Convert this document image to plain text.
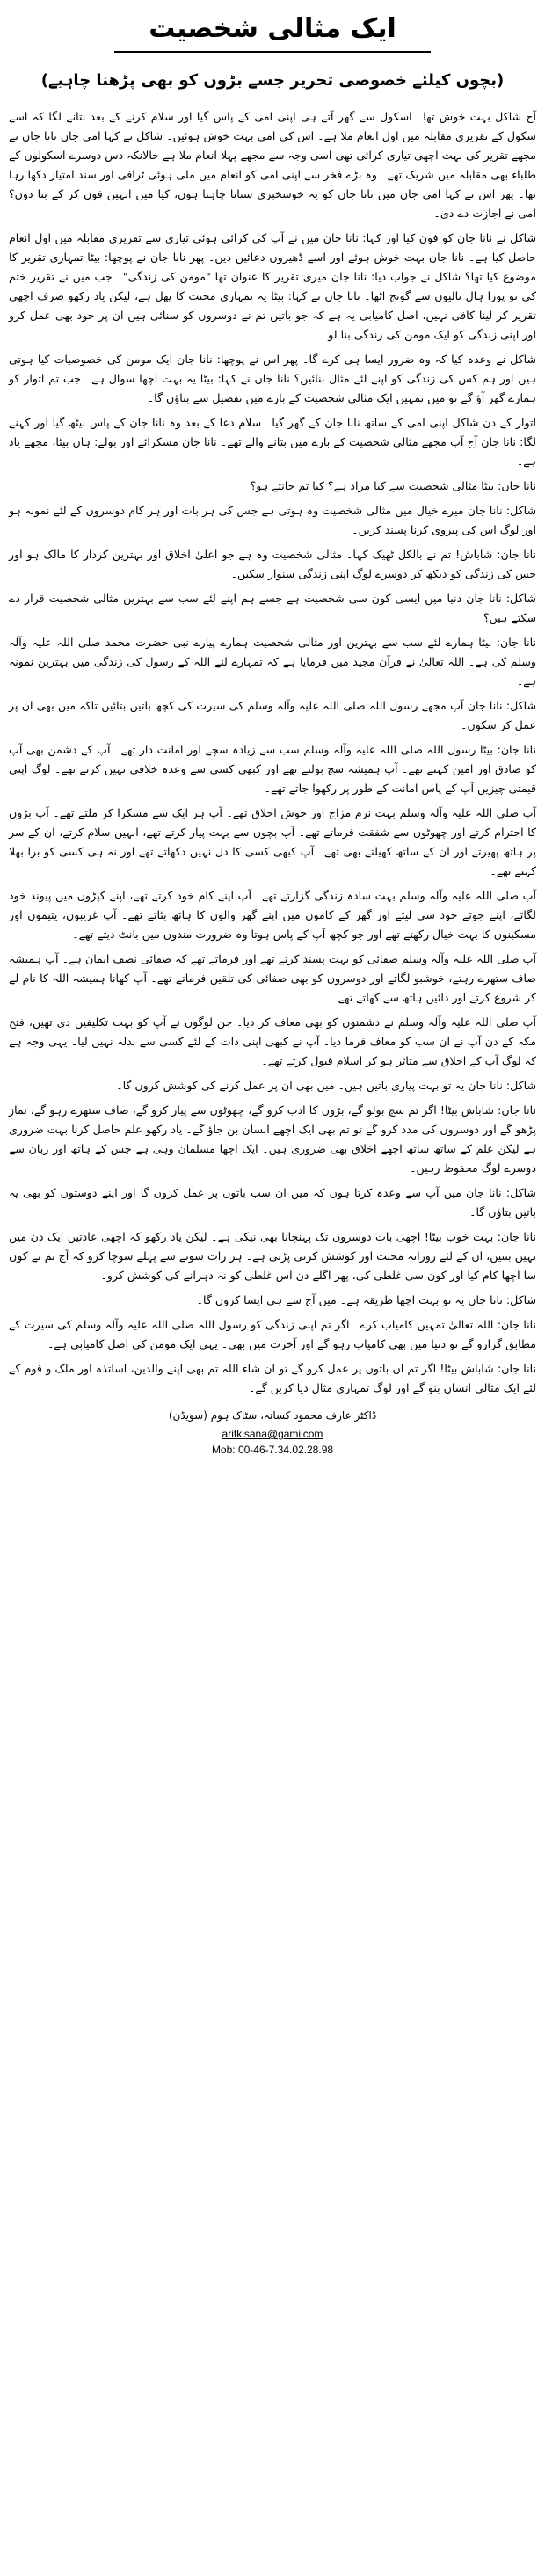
ایک مثالی شخصیت
(بچوں کیلئے خصوصی تحریر جسے بڑوں کو بھی پڑھنا چاہیے)

آج شاکل بہت خوش تھا۔ اسکول سے گھر آتے ہی اپنی امی کے پاس گیا اور سلام کرنے کے بعد بتانے لگا کہ اسے سکول کے تقریری مقابلہ میں اول انعام ملا ہے۔ اس کی امی بہت خوش ہوئیں۔ شاکل نے کہا امی جان نانا جان نے مجھے تقریر کی بہت اچھی تیاری کرائی تھی اسی وجہ سے مجھے پہلا انعام ملا ہے حالانکہ دس دوسرے اسکولوں کے طلباء بھی مقابلہ میں شریک تھے۔ وہ بڑے فخر سے اپنی امی کو انعام میں ملی ہوئی ٹرافی اور سند امتیاز دکھا رہا تھا۔ پھر اس نے کہا امی جان میں نانا جان کو یہ خوشخبری سنانا چاہتا ہوں، کیا میں انہیں فون کر کے بتا دوں؟ امی نے اجازت دے دی۔

شاکل نے نانا جان کو فون کیا اور کہا: نانا جان میں نے آپ کی کرائی ہوئی تیاری سے تقریری مقابلہ میں اول انعام حاصل کیا ہے۔ نانا جان بہت خوش ہوئے اور اسے ڈھیروں دعائیں دیں۔ پھر نانا جان نے پوچھا: بیٹا تمہاری تقریر کا موضوع کیا تھا؟ شاکل نے جواب دیا: نانا جان میری تقریر کا عنوان تھا "مومن کی زندگی"۔ جب میں نے تقریر ختم کی تو پورا ہال تالیوں سے گونج اٹھا۔ نانا جان نے کہا: بیٹا یہ تمہاری محنت کا پھل ہے، لیکن یاد رکھو صرف اچھی تقریر کر لینا کافی نہیں، اصل کامیابی یہ ہے کہ جو باتیں تم نے دوسروں کو سنائی ہیں ان پر خود بھی عمل کرو اور اپنی زندگی کو ایک مومن کی زندگی بنا لو۔

شاکل نے وعدہ کیا کہ وہ ضرور ایسا ہی کرے گا۔ پھر اس نے پوچھا: نانا جان ایک مومن کی خصوصیات کیا ہوتی ہیں اور ہم کس کی زندگی کو اپنے لئے مثال بنائیں؟ نانا جان نے کہا: بیٹا یہ بہت اچھا سوال ہے۔ جب تم اتوار کو ہمارے گھر آؤ گے تو میں تمہیں ایک مثالی شخصیت کے بارے میں تفصیل سے بتاؤں گا۔

اتوار کے دن شاکل اپنی امی کے ساتھ نانا جان کے گھر گیا۔ سلام دعا کے بعد وہ نانا جان کے پاس بیٹھ گیا اور کہنے لگا: نانا جان آج آپ مجھے مثالی شخصیت کے بارے میں بتانے والے تھے۔ نانا جان مسکرائے اور بولے: ہاں بیٹا، مجھے یاد ہے۔

نانا جان: بیٹا مثالی شخصیت سے کیا مراد ہے؟ کیا تم جانتے ہو؟

شاکل: نانا جان میرے خیال میں مثالی شخصیت وہ ہوتی ہے جس کی ہر بات اور ہر کام دوسروں کے لئے نمونہ ہو اور لوگ اس کی پیروی کرنا پسند کریں۔

نانا جان: شاباش! تم نے بالکل ٹھیک کہا۔ مثالی شخصیت وہ ہے جو اعلیٰ اخلاق اور بہترین کردار کا مالک ہو اور جس کی زندگی کو دیکھ کر دوسرے لوگ اپنی زندگی سنوار سکیں۔

شاکل: نانا جان دنیا میں ایسی کون سی شخصیت ہے جسے ہم اپنے لئے سب سے بہترین مثالی شخصیت قرار دے سکتے ہیں؟

نانا جان: بیٹا ہمارے لئے سب سے بہترین اور مثالی شخصیت ہمارے پیارے نبی حضرت محمد صلی اللہ علیہ وآلہ وسلم کی ہے۔ اللہ تعالیٰ نے قرآن مجید میں فرمایا ہے کہ تمہارے لئے اللہ کے رسول کی زندگی میں بہترین نمونہ ہے۔

شاکل: نانا جان آپ مجھے رسول اللہ صلی اللہ علیہ وآلہ وسلم کی سیرت کی کچھ باتیں بتائیں تاکہ میں بھی ان پر عمل کر سکوں۔

نانا جان: بیٹا رسول اللہ صلی اللہ علیہ وآلہ وسلم سب سے زیادہ سچے اور امانت دار تھے۔ آپ کے دشمن بھی آپ کو صادق اور امین کہتے تھے۔ آپ ہمیشہ سچ بولتے تھے اور کبھی کسی سے وعدہ خلافی نہیں کرتے تھے۔ لوگ اپنی قیمتی چیزیں آپ کے پاس امانت کے طور پر رکھوا جاتے تھے۔

آپ صلی اللہ علیہ وآلہ وسلم بہت نرم مزاج اور خوش اخلاق تھے۔ آپ ہر ایک سے مسکرا کر ملتے تھے۔ آپ بڑوں کا احترام کرتے اور چھوٹوں سے شفقت فرماتے تھے۔ آپ بچوں سے بہت پیار کرتے تھے، انہیں سلام کرتے، ان کے سر پر ہاتھ پھیرتے اور ان کے ساتھ کھیلتے بھی تھے۔ آپ کبھی کسی کا دل نہیں دکھاتے تھے اور نہ ہی کسی کو برا بھلا کہتے تھے۔

آپ صلی اللہ علیہ وآلہ وسلم بہت سادہ زندگی گزارتے تھے۔ آپ اپنے کام خود کرتے تھے، اپنے کپڑوں میں پیوند خود لگاتے، اپنے جوتے خود سی لیتے اور گھر کے کاموں میں اپنے گھر والوں کا ہاتھ بٹاتے تھے۔ آپ غریبوں، یتیموں اور مسکینوں کا بہت خیال رکھتے تھے اور جو کچھ آپ کے پاس ہوتا وہ ضرورت مندوں میں بانٹ دیتے تھے۔

آپ صلی اللہ علیہ وآلہ وسلم صفائی کو بہت پسند کرتے تھے اور فرماتے تھے کہ صفائی نصف ایمان ہے۔ آپ ہمیشہ صاف ستھرے رہتے، خوشبو لگاتے اور دوسروں کو بھی صفائی کی تلقین فرماتے تھے۔ آپ کھانا ہمیشہ اللہ کا نام لے کر شروع کرتے اور دائیں ہاتھ سے کھاتے تھے۔

آپ صلی اللہ علیہ وآلہ وسلم نے دشمنوں کو بھی معاف کر دیا۔ جن لوگوں نے آپ کو بہت تکلیفیں دی تھیں، فتح مکہ کے دن آپ نے ان سب کو معاف فرما دیا۔ آپ نے کبھی اپنی ذات کے لئے کسی سے بدلہ نہیں لیا۔ یہی وجہ ہے کہ لوگ آپ کے اخلاق سے متاثر ہو کر اسلام قبول کرتے تھے۔

شاکل: نانا جان یہ تو بہت پیاری باتیں ہیں۔ میں بھی ان پر عمل کرنے کی کوشش کروں گا۔

نانا جان: شاباش بیٹا! اگر تم سچ بولو گے، بڑوں کا ادب کرو گے، چھوٹوں سے پیار کرو گے، صاف ستھرے رہو گے، نماز پڑھو گے اور دوسروں کی مدد کرو گے تو تم بھی ایک اچھے انسان بن جاؤ گے۔ یاد رکھو علم حاصل کرنا بہت ضروری ہے لیکن علم کے ساتھ ساتھ اچھے اخلاق بھی ضروری ہیں۔ ایک اچھا مسلمان وہی ہے جس کے ہاتھ اور زبان سے دوسرے لوگ محفوظ رہیں۔

شاکل: نانا جان میں آپ سے وعدہ کرتا ہوں کہ میں ان سب باتوں پر عمل کروں گا اور اپنے دوستوں کو بھی یہ باتیں بتاؤں گا۔

نانا جان: بہت خوب بیٹا! اچھی بات دوسروں تک پہنچانا بھی نیکی ہے۔ لیکن یاد رکھو کہ اچھی عادتیں ایک دن میں نہیں بنتیں، ان کے لئے روزانہ محنت اور کوشش کرنی پڑتی ہے۔ ہر رات سونے سے پہلے سوچا کرو کہ آج تم نے کون سا اچھا کام کیا اور کون سی غلطی کی، پھر اگلے دن اس غلطی کو نہ دہرانے کی کوشش کرو۔

شاکل: نانا جان یہ تو بہت اچھا طریقہ ہے۔ میں آج سے ہی ایسا کروں گا۔

نانا جان: اللہ تعالیٰ تمہیں کامیاب کرے۔ اگر تم اپنی زندگی کو رسول اللہ صلی اللہ علیہ وآلہ وسلم کی سیرت کے مطابق گزارو گے تو دنیا میں بھی کامیاب رہو گے اور آخرت میں بھی۔ یہی ایک مومن کی اصل کامیابی ہے۔

نانا جان: شاباش بیٹا! اگر تم ان باتوں پر عمل کرو گے تو ان شاء اللہ تم بھی اپنے والدین، اساتذہ اور ملک و قوم کے لئے ایک مثالی انسان بنو گے اور لوگ تمہاری مثال دیا کریں گے۔

ڈاکٹر عارف محمود کسانہ، سٹاک ہوم (سویڈن)

arifkisana@gamilcom

Mob: 00-46-7.34.02.28.98
